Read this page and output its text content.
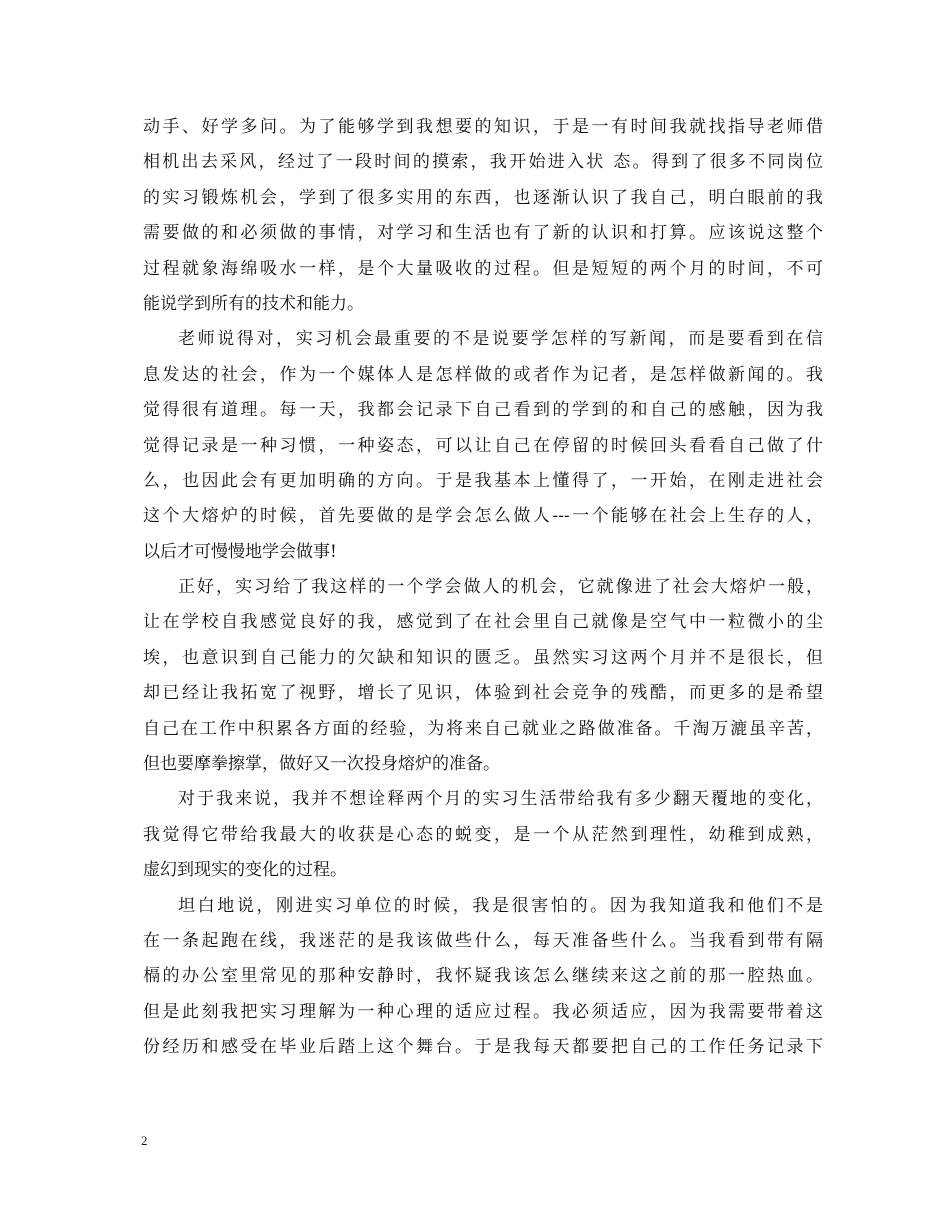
动手、好学多问。为了能够学到我想要的知识，于是一有时间我就找指导老师借
相机出去采风，经过了一段时间的摸索，我开始进入状 态。得到了很多不同岗位
的实习锻炼机会，学到了很多实用的东西，也逐渐认识了我自己，明白眼前的我
需要做的和必须做的事情，对学习和生活也有了新的认识和打算。应该说这整个
过程就象海绵吸水一样，是个大量吸收的过程。但是短短的两个月的时间，不可
能说学到所有的技术和能力。
老师说得对，实习机会最重要的不是说要学怎样的写新闻，而是要看到在信
息发达的社会，作为一个媒体人是怎样做的或者作为记者，是怎样做新闻的。我
觉得很有道理。每一天，我都会记录下自己看到的学到的和自己的感触，因为我
觉得记录是一种习惯，一种姿态，可以让自己在停留的时候回头看看自己做了什
么，也因此会有更加明确的方向。于是我基本上懂得了，一开始，在刚走进社会
这个大熔炉的时候，首先要做的是学会怎么做人---一个能够在社会上生存的人，
以后才可慢慢地学会做事!
正好，实习给了我这样的一个学会做人的机会，它就像进了社会大熔炉一般，
让在学校自我感觉良好的我，感觉到了在社会里自己就像是空气中一粒微小的尘
埃，也意识到自己能力的欠缺和知识的匮乏。虽然实习这两个月并不是很长，但
却已经让我拓宽了视野，增长了见识，体验到社会竞争的残酷，而更多的是希望
自己在工作中积累各方面的经验，为将来自己就业之路做准备。千淘万漉虽辛苦，
但也要摩拳擦掌，做好又一次投身熔炉的准备。
对于我来说，我并不想诠释两个月的实习生活带给我有多少翻天覆地的变化，
我觉得它带给我最大的收获是心态的蜕变，是一个从茫然到理性，幼稚到成熟，
虚幻到现实的变化的过程。
坦白地说，刚进实习单位的时候，我是很害怕的。因为我知道我和他们不是
在一条起跑在线，我迷茫的是我该做些什么，每天准备些什么。当我看到带有隔
槅的办公室里常见的那种安静时，我怀疑我该怎么继续来这之前的那一腔热血。
但是此刻我把实习理解为一种心理的适应过程。我必须适应，因为我需要带着这
份经历和感受在毕业后踏上这个舞台。于是我每天都要把自己的工作任务记录下
2
